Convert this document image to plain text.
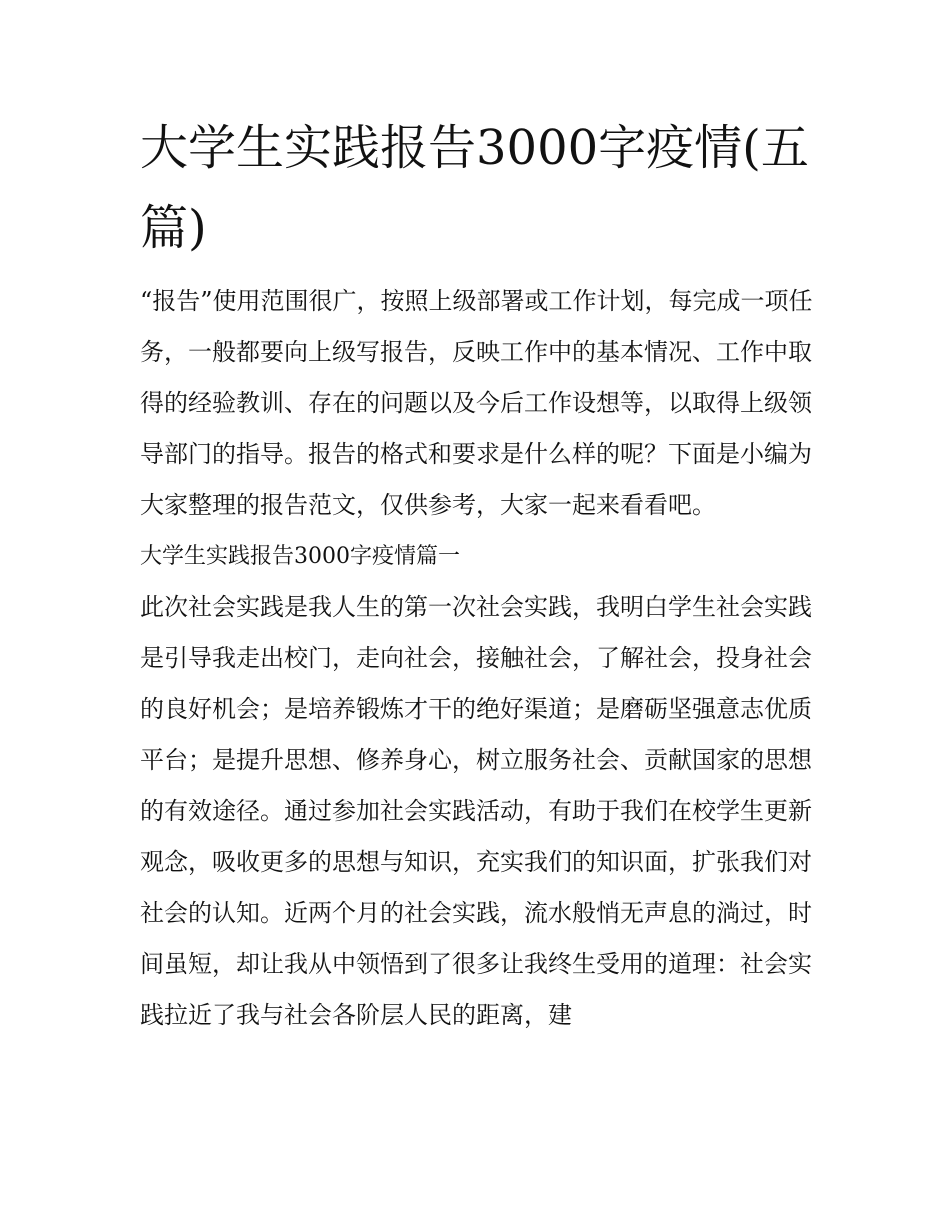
大学生实践报告3000字疫情(五篇)

“报告”使用范围很广，按照上级部署或工作计划，每完成一项任务，一般都要向上级写报告，反映工作中的基本情况、工作中取得的经验教训、存在的问题以及今后工作设想等，以取得上级领导部门的指导。报告的格式和要求是什么样的呢？下面是小编为大家整理的报告范文，仅供参考，大家一起来看看吧。

大学生实践报告3000字疫情篇一

此次社会实践是我人生的第一次社会实践，我明白学生社会实践是引导我走出校门，走向社会，接触社会，了解社会，投身社会的良好机会；是培养锻炼才干的绝好渠道；是磨砺坚强意志优质平台；是提升思想、修养身心，树立服务社会、贡献国家的思想的有效途径。通过参加社会实践活动，有助于我们在校学生更新观念，吸收更多的思想与知识，充实我们的知识面，扩张我们对社会的认知。近两个月的社会实践，流水般悄无声息的淌过，时间虽短，却让我从中领悟到了很多让我终生受用的道理：社会实践拉近了我与社会各阶层人民的距离，建
